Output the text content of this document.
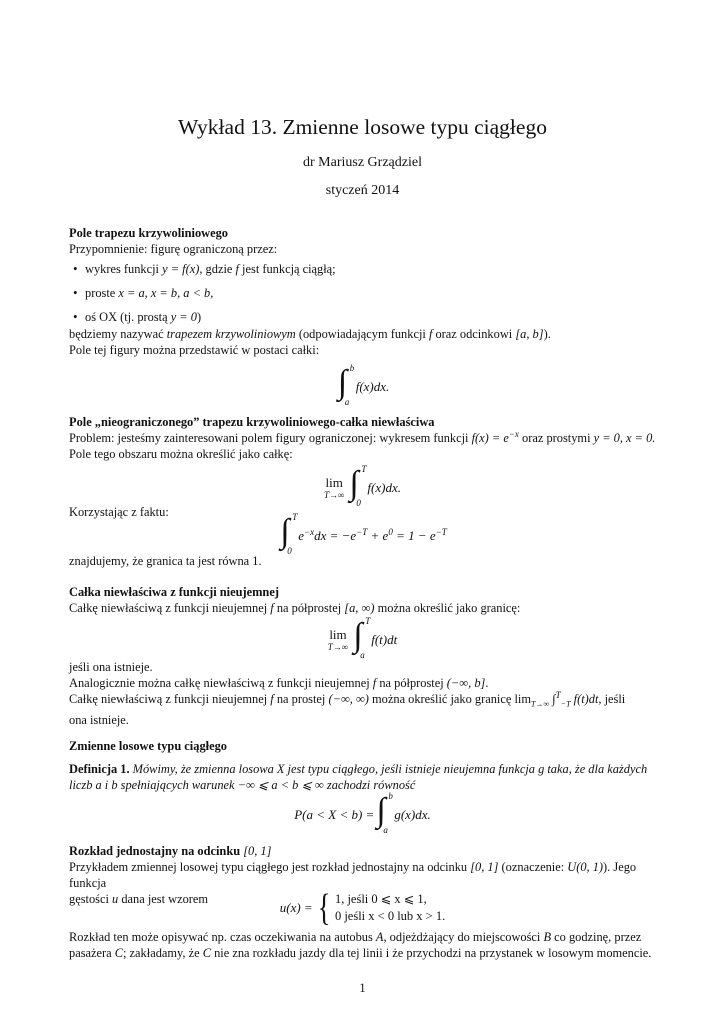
Wykład 13. Zmienne losowe typu ciągłego
dr Mariusz Grządziel
styczeń 2014
Pole trapezu krzywoliniowego
Przypomnienie: figurę ograniczoną przez:
• wykres funkcji y = f(x), gdzie f jest funkcją ciągłą;
• proste x = a, x = b, a < b,
• oś OX (tj. prostą y = 0)
będziemy nazywać trapezem krzywoliniowym (odpowiadającym funkcji f oraz odcinkowi [a, b]).
Pole tej figury można przedstawić w postaci całki:
∫ b
a
f(x)dx.
Pole „nieograniczonego” trapezu krzywoliniowego-całka niewłaściwa
Problem: jesteśmy zainteresowani polem figury ograniczonej: wykresem funkcji $f(x) = e^{-x}$ oraz prostymi y = 0, x = 0.
Pole tego obszaru można określić jako całkę:
lim
T→∞ ∫ T
0
f(x)dx.
Korzystając z faktu:
∫ T
0
$e^{-x}dx = -e^{-T} + e^0 = 1 - e^{-T}$
znajdujemy, że granica ta jest równa 1.
Całka niewłaściwa z funkcji nieujemnej
Całkę niewłaściwą z funkcji nieujemnej f na półprostej [a, ∞) można określić jako granicę:
lim
T→∞ ∫ T
a
f(t)dt
jeśli ona istnieje.
Analogicznie można całkę niewłaściwą z funkcji nieujemnej f na półprostej (−∞, b].
Całkę niewłaściwą z funkcji nieujemnej f na prostej (−∞, ∞) można określić jako granicę $\lim_{T\to\infty} \int^T_{-T}$ f(t)dt, jeśli
ona istnieje.
Zmienne losowe typu ciągłego
Definicja 1. Mówimy, że zmienna losowa X jest typu ciągłego, jeśli istnieje nieujemna funkcja g taka, że dla każdych
liczb a i b spełniających warunek −∞ ⩽ a < b ⩽ ∞ zachodzi równość
P(a < X < b) = ∫ b
a
g(x)dx.
Rozkład jednostajny na odcinku [0, 1]
Przykładem zmiennej losowej typu ciągłego jest rozkład jednostajny na odcinku [0, 1] (oznaczenie: U(0, 1)). Jego funkcja
gęstości u dana jest wzorem
u(x) = { 1, jeśli 0 ⩽ x ⩽ 1,
0 jeśli x < 0 lub x > 1.
Rozkład ten może opisywać np. czas oczekiwania na autobus A, odjeżdżający do miejscowości B co godzinę, przez
pasażera C; zakładamy, że C nie zna rozkładu jazdy dla tej linii i że przychodzi na przystanek w losowym momencie.
1
